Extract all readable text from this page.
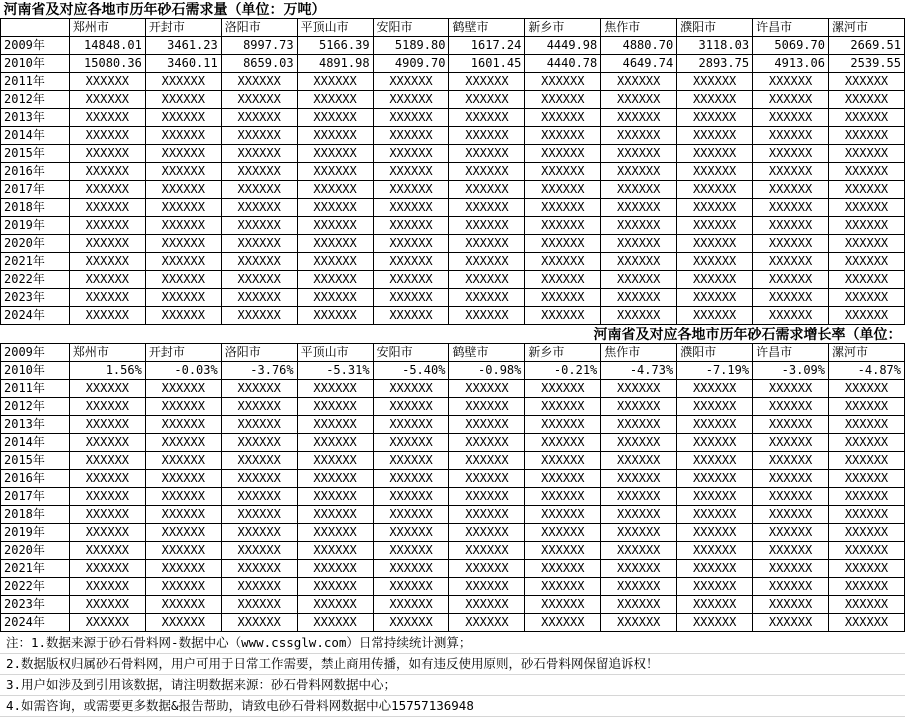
河南省及对应各地市历年砂石需求量（单位：万吨）											
	郑州市	开封市	洛阳市	平顶山市	安阳市	鹤壁市	新乡市	焦作市	濮阳市	许昌市	漯河市
2009年	14848.01	3461.23	8997.73	5166.39	5189.80	1617.24	4449.98	4880.70	3118.03	5069.70	2669.51
2010年	15080.36	3460.11	8659.03	4891.98	4909.70	1601.45	4440.78	4649.74	2893.75	4913.06	2539.55
2011年	XXXXXX	XXXXXX	XXXXXX	XXXXXX	XXXXXX	XXXXXX	XXXXXX	XXXXXX	XXXXXX	XXXXXX	XXXXXX
2012年	XXXXXX	XXXXXX	XXXXXX	XXXXXX	XXXXXX	XXXXXX	XXXXXX	XXXXXX	XXXXXX	XXXXXX	XXXXXX
2013年	XXXXXX	XXXXXX	XXXXXX	XXXXXX	XXXXXX	XXXXXX	XXXXXX	XXXXXX	XXXXXX	XXXXXX	XXXXXX
2014年	XXXXXX	XXXXXX	XXXXXX	XXXXXX	XXXXXX	XXXXXX	XXXXXX	XXXXXX	XXXXXX	XXXXXX	XXXXXX
2015年	XXXXXX	XXXXXX	XXXXXX	XXXXXX	XXXXXX	XXXXXX	XXXXXX	XXXXXX	XXXXXX	XXXXXX	XXXXXX
2016年	XXXXXX	XXXXXX	XXXXXX	XXXXXX	XXXXXX	XXXXXX	XXXXXX	XXXXXX	XXXXXX	XXXXXX	XXXXXX
2017年	XXXXXX	XXXXXX	XXXXXX	XXXXXX	XXXXXX	XXXXXX	XXXXXX	XXXXXX	XXXXXX	XXXXXX	XXXXXX
2018年	XXXXXX	XXXXXX	XXXXXX	XXXXXX	XXXXXX	XXXXXX	XXXXXX	XXXXXX	XXXXXX	XXXXXX	XXXXXX
2019年	XXXXXX	XXXXXX	XXXXXX	XXXXXX	XXXXXX	XXXXXX	XXXXXX	XXXXXX	XXXXXX	XXXXXX	XXXXXX
2020年	XXXXXX	XXXXXX	XXXXXX	XXXXXX	XXXXXX	XXXXXX	XXXXXX	XXXXXX	XXXXXX	XXXXXX	XXXXXX
2021年	XXXXXX	XXXXXX	XXXXXX	XXXXXX	XXXXXX	XXXXXX	XXXXXX	XXXXXX	XXXXXX	XXXXXX	XXXXXX
2022年	XXXXXX	XXXXXX	XXXXXX	XXXXXX	XXXXXX	XXXXXX	XXXXXX	XXXXXX	XXXXXX	XXXXXX	XXXXXX
2023年	XXXXXX	XXXXXX	XXXXXX	XXXXXX	XXXXXX	XXXXXX	XXXXXX	XXXXXX	XXXXXX	XXXXXX	XXXXXX
2024年	XXXXXX	XXXXXX	XXXXXX	XXXXXX	XXXXXX	XXXXXX	XXXXXX	XXXXXX	XXXXXX	XXXXXX	XXXXXX
河南省及对应各地市历年砂石需求增长率（单位：											
2009年	郑州市	开封市	洛阳市	平顶山市	安阳市	鹤壁市	新乡市	焦作市	濮阳市	许昌市	漯河市
2010年	1.56%	-0.03%	-3.76%	-5.31%	-5.40%	-0.98%	-0.21%	-4.73%	-7.19%	-3.09%	-4.87%
2011年	XXXXXX	XXXXXX	XXXXXX	XXXXXX	XXXXXX	XXXXXX	XXXXXX	XXXXXX	XXXXXX	XXXXXX	XXXXXX
2012年	XXXXXX	XXXXXX	XXXXXX	XXXXXX	XXXXXX	XXXXXX	XXXXXX	XXXXXX	XXXXXX	XXXXXX	XXXXXX
2013年	XXXXXX	XXXXXX	XXXXXX	XXXXXX	XXXXXX	XXXXXX	XXXXXX	XXXXXX	XXXXXX	XXXXXX	XXXXXX
2014年	XXXXXX	XXXXXX	XXXXXX	XXXXXX	XXXXXX	XXXXXX	XXXXXX	XXXXXX	XXXXXX	XXXXXX	XXXXXX
2015年	XXXXXX	XXXXXX	XXXXXX	XXXXXX	XXXXXX	XXXXXX	XXXXXX	XXXXXX	XXXXXX	XXXXXX	XXXXXX
2016年	XXXXXX	XXXXXX	XXXXXX	XXXXXX	XXXXXX	XXXXXX	XXXXXX	XXXXXX	XXXXXX	XXXXXX	XXXXXX
2017年	XXXXXX	XXXXXX	XXXXXX	XXXXXX	XXXXXX	XXXXXX	XXXXXX	XXXXXX	XXXXXX	XXXXXX	XXXXXX
2018年	XXXXXX	XXXXXX	XXXXXX	XXXXXX	XXXXXX	XXXXXX	XXXXXX	XXXXXX	XXXXXX	XXXXXX	XXXXXX
2019年	XXXXXX	XXXXXX	XXXXXX	XXXXXX	XXXXXX	XXXXXX	XXXXXX	XXXXXX	XXXXXX	XXXXXX	XXXXXX
2020年	XXXXXX	XXXXXX	XXXXXX	XXXXXX	XXXXXX	XXXXXX	XXXXXX	XXXXXX	XXXXXX	XXXXXX	XXXXXX
2021年	XXXXXX	XXXXXX	XXXXXX	XXXXXX	XXXXXX	XXXXXX	XXXXXX	XXXXXX	XXXXXX	XXXXXX	XXXXXX
2022年	XXXXXX	XXXXXX	XXXXXX	XXXXXX	XXXXXX	XXXXXX	XXXXXX	XXXXXX	XXXXXX	XXXXXX	XXXXXX
2023年	XXXXXX	XXXXXX	XXXXXX	XXXXXX	XXXXXX	XXXXXX	XXXXXX	XXXXXX	XXXXXX	XXXXXX	XXXXXX
2024年	XXXXXX	XXXXXX	XXXXXX	XXXXXX	XXXXXX	XXXXXX	XXXXXX	XXXXXX	XXXXXX	XXXXXX	XXXXXX
注：1.数据来源于砂石骨料网-数据中心（www.cssglw.com）日常持续统计测算；
2.数据版权归属砂石骨料网，用户可用于日常工作需要，禁止商用传播，如有违反使用原则，砂石骨料网保留追诉权！
3.用户如涉及到引用该数据，请注明数据来源：砂石骨料网数据中心；
4.如需咨询，或需要更多数据&报告帮助，请致电砂石骨料网数据中心15757136948
